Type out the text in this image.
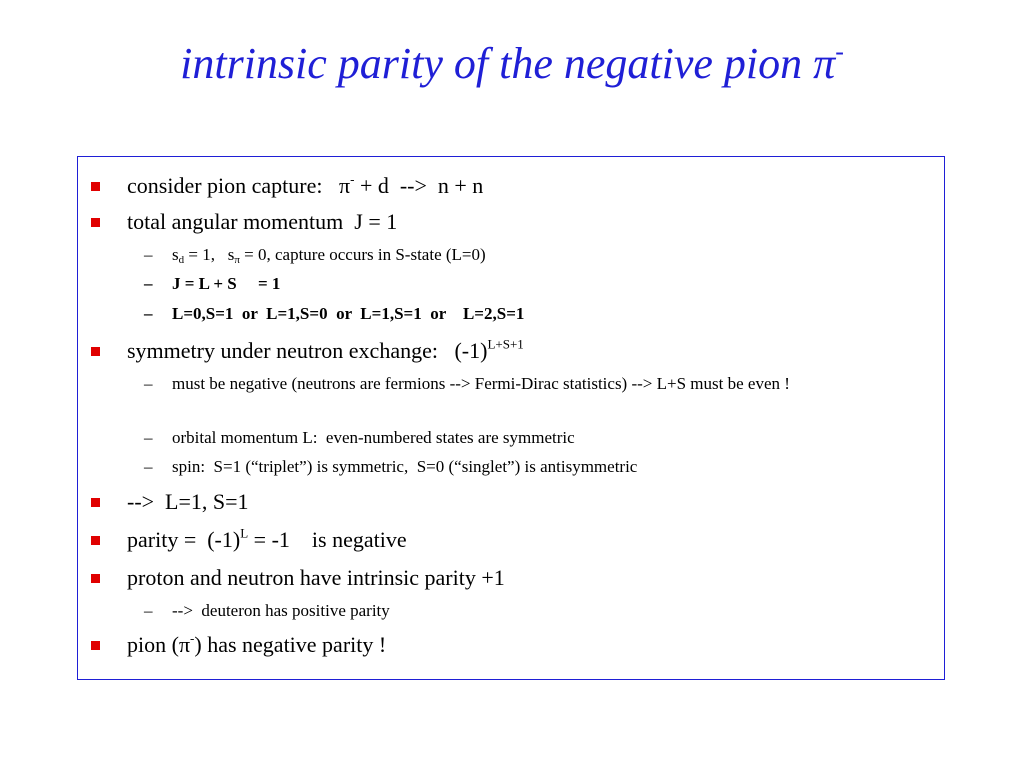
intrinsic parity of the negative pion π-
consider pion capture:   π- + d  -->  n + n
total angular momentum  J = 1
– $s_d = 1$,   $s_\pi = 0$, capture occurs in S-state (L=0)
– J = L + S     = 1
– L=0,S=1  or  L=1,S=0  or  L=1,S=1  or    L=2,S=1
symmetry under neutron exchange:   $(-1)^{L+S+1}$
– must be negative (neutrons are fermions --> Fermi-Dirac statistics) --> L+S must be even !
– orbital momentum L:  even-numbered states are symmetric
– spin:  S=1 (“triplet”) is symmetric,  S=0 (“singlet”) is antisymmetric
-->  L=1, S=1
parity =  $(-1)^L = -1$    is negative
proton and neutron have intrinsic parity +1
– -->  deuteron has positive parity
pion (π-) has negative parity !
